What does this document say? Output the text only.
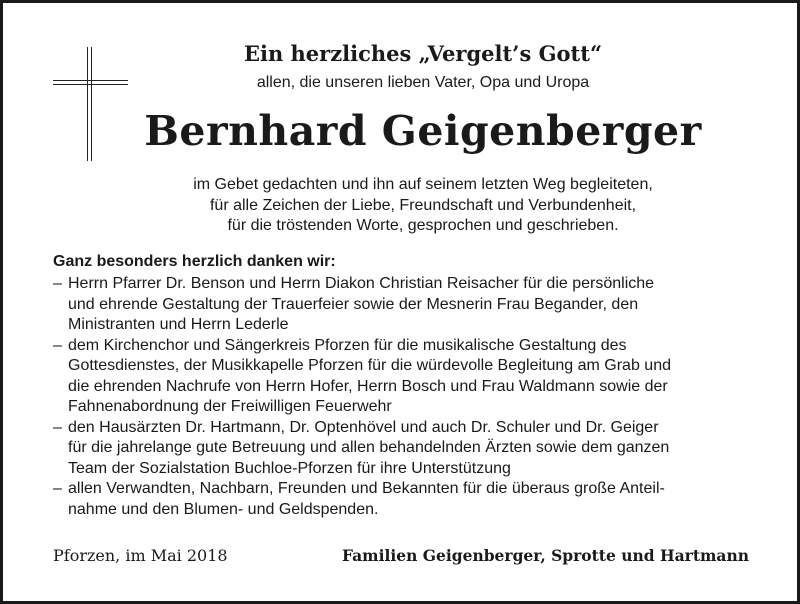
Ein herzliches „Vergelt’s Gott“
allen, die unseren lieben Vater, Opa und Uropa
Bernhard Geigenberger
im Gebet gedachten und ihn auf seinem letzten Weg begleiteten,
für alle Zeichen der Liebe, Freundschaft und Verbundenheit,
für die tröstenden Worte, gesprochen und geschrieben.
Ganz besonders herzlich danken wir:
– Herrn Pfarrer Dr. Benson und Herrn Diakon Christian Reisacher für die persönliche
und ehrende Gestaltung der Trauerfeier sowie der Mesnerin Frau Begander, den
Ministranten und Herrn Lederle
– dem Kirchenchor und Sängerkreis Pforzen für die musikalische Gestaltung des
Gottesdienstes, der Musikkapelle Pforzen für die würdevolle Begleitung am Grab und
die ehrenden Nachrufe von Herrn Hofer, Herrn Bosch und Frau Waldmann sowie der
Fahnenabordnung der Freiwilligen Feuerwehr
– den Hausärzten Dr. Hartmann, Dr. Optenhövel und auch Dr. Schuler und Dr. Geiger
für die jahrelange gute Betreuung und allen behandelnden Ärzten sowie dem ganzen
Team der Sozialstation Buchloe-Pforzen für ihre Unterstützung
– allen Verwandten, Nachbarn, Freunden und Bekannten für die überaus große Anteil-
nahme und den Blumen- und Geldspenden.
Pforzen, im Mai 2018	Familien Geigenberger, Sprotte und Hartmann
